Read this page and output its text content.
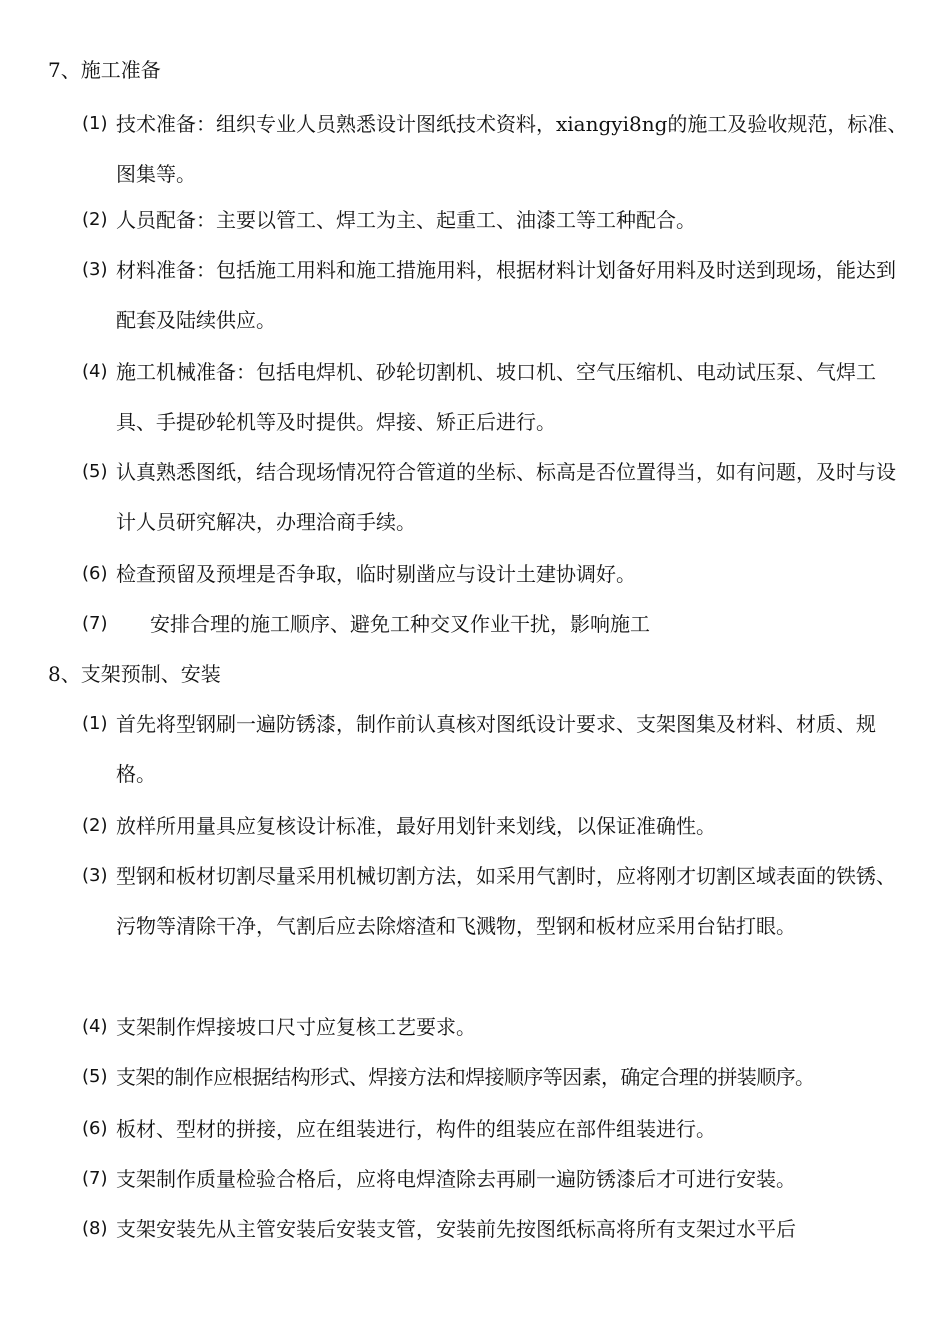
7、施工准备
(1) 技术准备：组织专业人员熟悉设计图纸技术资料，xiangyi8ng的施工及验收规范，标准、图集等。
(2) 人员配备：主要以管工、焊工为主、起重工、油漆工等工种配合。
(3) 材料准备：包括施工用料和施工措施用料，根据材料计划备好用料及时送到现场，能达到配套及陆续供应。
(4) 施工机械准备：包括电焊机、砂轮切割机、坡口机、空气压缩机、电动试压泵、气焊工具、手提砂轮机等及时提供。焊接、矫正后进行。
(5) 认真熟悉图纸，结合现场情况符合管道的坐标、标高是否位置得当，如有问题，及时与设计人员研究解决，办理洽商手续。
(6) 检查预留及预埋是否争取，临时剔凿应与设计土建协调好。
(7)	安排合理的施工顺序、避免工种交叉作业干扰，影响施工
8、支架预制、安装
(1) 首先将型钢刷一遍防锈漆，制作前认真核对图纸设计要求、支架图集及材料、材质、规格。
(2) 放样所用量具应复核设计标准，最好用划针来划线，以保证准确性。
(3) 型钢和板材切割尽量采用机械切割方法，如采用气割时，应将刚才切割区域表面的铁锈、污物等清除干净，气割后应去除熔渣和飞溅物，型钢和板材应采用台钻打眼。
(4) 支架制作焊接坡口尺寸应复核工艺要求。
(5) 支架的制作应根据结构形式、焊接方法和焊接顺序等因素，确定合理的拼装顺序。
(6) 板材、型材的拼接，应在组装进行，构件的组装应在部件组装进行。
(7) 支架制作质量检验合格后，应将电焊渣除去再刷一遍防锈漆后才可进行安装。
(8) 支架安装先从主管安装后安装支管，安装前先按图纸标高将所有支架过水平后
